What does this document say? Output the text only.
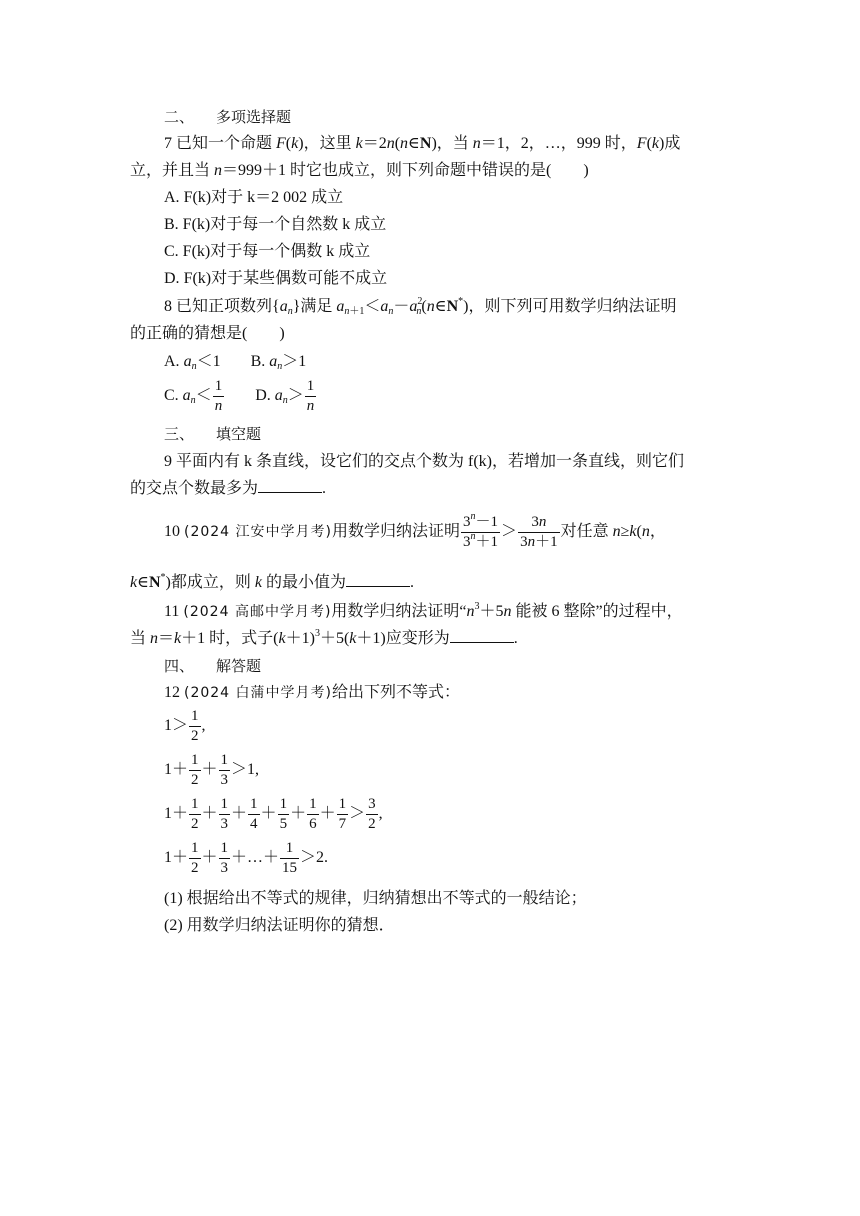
二、 多项选择题
7 已知一个命题 F(k)，这里 k＝2n(n∈N)，当 n＝1，2，…，999 时，F(k)成
立，并且当 n＝999＋1 时它也成立，则下列命题中错误的是( )
A. F(k)对于 k＝2 002 成立
B. F(k)对于每一个自然数 k 成立
C. F(k)对于每一个偶数 k 成立
D. F(k)对于某些偶数可能不成立
8 已知正项数列$\{a_n\}$满足 $a_{n+1}<a_n-a^2_n(n\in N^*)$，则下列可用数学归纳法证明
的正确的猜想是( )
A. $a_n<1$ B. $a_n>1$
C. $a_n< \frac{1}{n} D$. $a_n> \frac{1}{n}$
三、 填空题
9 平面内有 k 条直线，设它们的交点个数为 f(k)，若增加一条直线，则它们
的交点个数最多为	.
10 (2024 江安中学月考)用数学归纳法证明 $\frac{3^n-1}{3^n+1} > \frac{3n}{3n+1}$ 对任意 n≥k(n，
k∈N*)都成立，则 k 的最小值为	.
11 (2024 高邮中学月考)用数学归纳法证明“$n^3+5n$ 能被 6 整除”的过程中，
当 n＝k＋1 时，式子$(k+1)^3+5(k+1)$应变形为	.
四、 解答题
12 (2024 白蒲中学月考)给出下列不等式：
$1> \frac{1}{2}$ ,
$1+ \frac{1}{2} + \frac{1}{3} >1$,
$1+ \frac{1}{2} + \frac{1}{3} + \frac{1}{4} + \frac{1}{5} + \frac{1}{6} + \frac{1}{7} > \frac{3}{2}$ ,
$1+ \frac{1}{2} + \frac{1}{3}$ ＋…＋ $\frac{1}{15} >2$.
(1) 根据给出不等式的规律，归纳猜想出不等式的一般结论；
(2) 用数学归纳法证明你的猜想．
